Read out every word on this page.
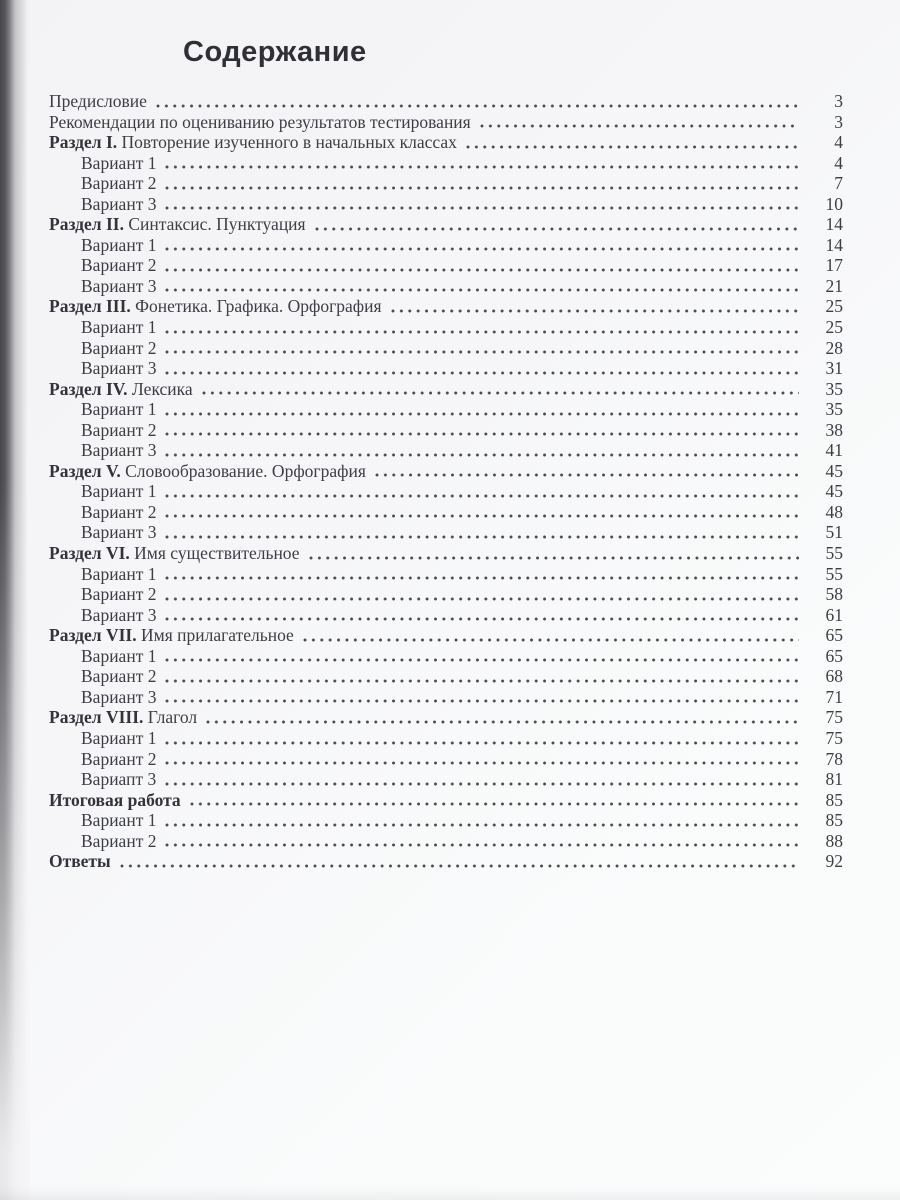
Содержание
Предисловие	3
Рекомендации по оцениванию результатов тестирования	3
Раздел I. Повторение изученного в начальных классах	4
Вариант 1	4
Вариант 2	7
Вариант 3	10
Раздел II. Синтаксис. Пунктуация	14
Вариант 1	14
Вариант 2	17
Вариант 3	21
Раздел III. Фонетика. Графика. Орфография	25
Вариант 1	25
Вариант 2	28
Вариант 3	31
Раздел IV. Лексика	35
Вариант 1	35
Вариант 2	38
Вариант 3	41
Раздел V. Словообразование. Орфография	45
Вариант 1	45
Вариант 2	48
Вариант 3	51
Раздел VI. Имя существительное	55
Вариант 1	55
Вариант 2	58
Вариант 3	61
Раздел VII. Имя прилагательное	65
Вариант 1	65
Вариант 2	68
Вариант 3	71
Раздел VIII. Глагол	75
Вариант 1	75
Вариант 2	78
Вариапт 3	81
Итоговая работа	85
Вариант 1	85
Вариант 2	88
Ответы	92
